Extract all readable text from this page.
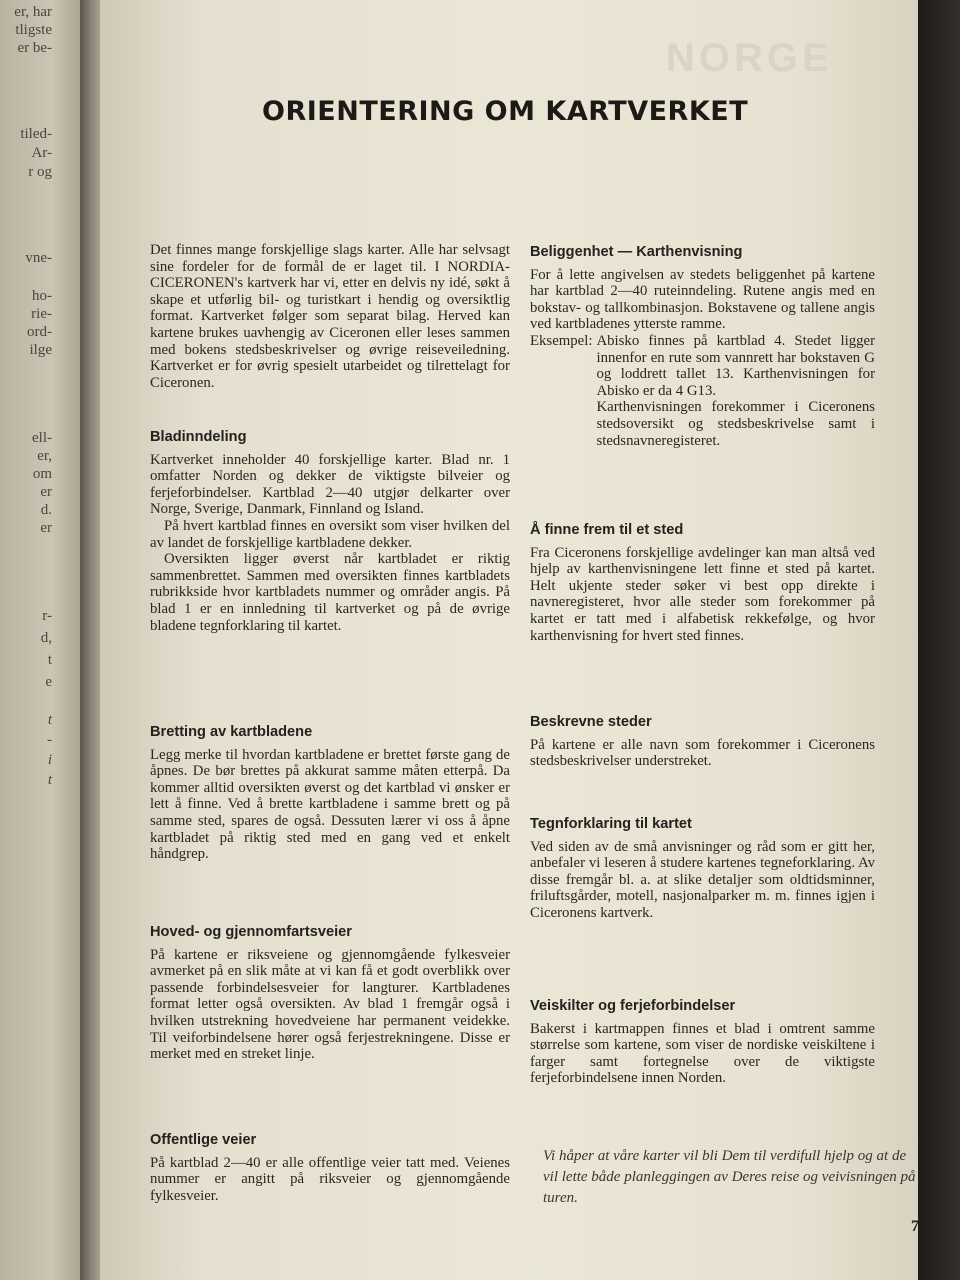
er, har
tligste
er be-
tiled-
Ar-
r og
vne-
ho-
rie-
ord-
ilge
ell-
er,
om
er
d.
er
r-
d,
t
e
t
-
i
t
NORGE
ORIENTERING OM KARTVERKET

Det finnes mange forskjellige slags karter. Alle har selvsagt sine fordeler for de formål de er laget til. I NORDIA-CICERONEN's kartverk har vi, etter en delvis ny idé, søkt å skape et utførlig bil- og turistkart i hendig og oversiktlig format. Kartverket følger som separat bilag. Herved kan kartene brukes uavhengig av Ciceronen eller leses sammen med bokens stedsbeskrivelser og øvrige reiseveiledning. Kartverket er for øvrig spesielt utarbeidet og tilrettelagt for Ciceronen.

Bladinndeling

Kartverket inneholder 40 forskjellige karter. Blad nr. 1 omfatter Norden og dekker de viktigste bilveier og ferjeforbindelser. Kartblad 2—40 utgjør delkarter over Norge, Sverige, Danmark, Finnland og Island.

På hvert kartblad finnes en oversikt som viser hvilken del av landet de forskjellige kartbladene dekker.

Oversikten ligger øverst når kartbladet er riktig sammenbrettet. Sammen med oversikten finnes kartbladets rubrikkside hvor kartbladets nummer og områder angis. På blad 1 er en innledning til kartverket og på de øvrige bladene tegnforklaring til kartet.

Bretting av kartbladene

Legg merke til hvordan kartbladene er brettet første gang de åpnes. De bør brettes på akkurat samme måten etterpå. Da kommer alltid oversikten øverst og det kartblad vi ønsker er lett å finne. Ved å brette kartbladene i samme brett og på samme sted, spares de også. Dessuten lærer vi oss å åpne kartbladet på riktig sted med en gang ved et enkelt håndgrep.

Hoved- og gjennomfartsveier

På kartene er riksveiene og gjennomgående fylkesveier avmerket på en slik måte at vi kan få et godt overblikk over passende forbindelsesveier for langturer. Kartbladenes format letter også oversikten. Av blad 1 fremgår også i hvilken utstrekning hovedveiene har permanent veidekke. Til veiforbindelsene hører også ferjestrekningene. Disse er merket med en streket linje.

Offentlige veier

På kartblad 2—40 er alle offentlige veier tatt med. Veienes nummer er angitt på riksveier og gjennomgående fylkesveier.

Beliggenhet — Karthenvisning

For å lette angivelsen av stedets beliggenhet på kartene har kartblad 2—40 ruteinndeling. Rutene angis med en bokstav- og tallkombinasjon. Bokstavene og tallene angis ved kartbladenes ytterste ramme.

Eksempel: Abisko finnes på kartblad 4. Stedet ligger innenfor en rute som vannrett har bokstaven G og loddrett tallet 13. Karthenvisningen for Abisko er da 4 G13.

Karthenvisningen forekommer i Ciceronens stedsoversikt og stedsbeskrivelse samt i stedsnavneregisteret.

Å finne frem til et sted

Fra Ciceronens forskjellige avdelinger kan man altså ved hjelp av karthenvisningene lett finne et sted på kartet. Helt ukjente steder søker vi best opp direkte i navneregisteret, hvor alle steder som forekommer på kartet er tatt med i alfabetisk rekkefølge, og hvor karthenvisning for hvert sted finnes.

Beskrevne steder

På kartene er alle navn som forekommer i Ciceronens stedsbeskrivelser understreket.

Tegnforklaring til kartet

Ved siden av de små anvisninger og råd som er gitt her, anbefaler vi leseren å studere kartenes tegneforklaring. Av disse fremgår bl. a. at slike detaljer som oldtidsminner, friluftsgårder, motell, nasjonalparker m. m. finnes igjen i Ciceronens kartverk.

Veiskilter og ferjeforbindelser

Bakerst i kartmappen finnes et blad i omtrent samme størrelse som kartene, som viser de nordiske veiskiltene i farger samt fortegnelse over de viktigste ferjeforbindelsene innen Norden.

Vi håper at våre karter vil bli Dem til verdifull hjelp og at de vil lette både planleggingen av Deres reise og veivisningen på turen.
7
